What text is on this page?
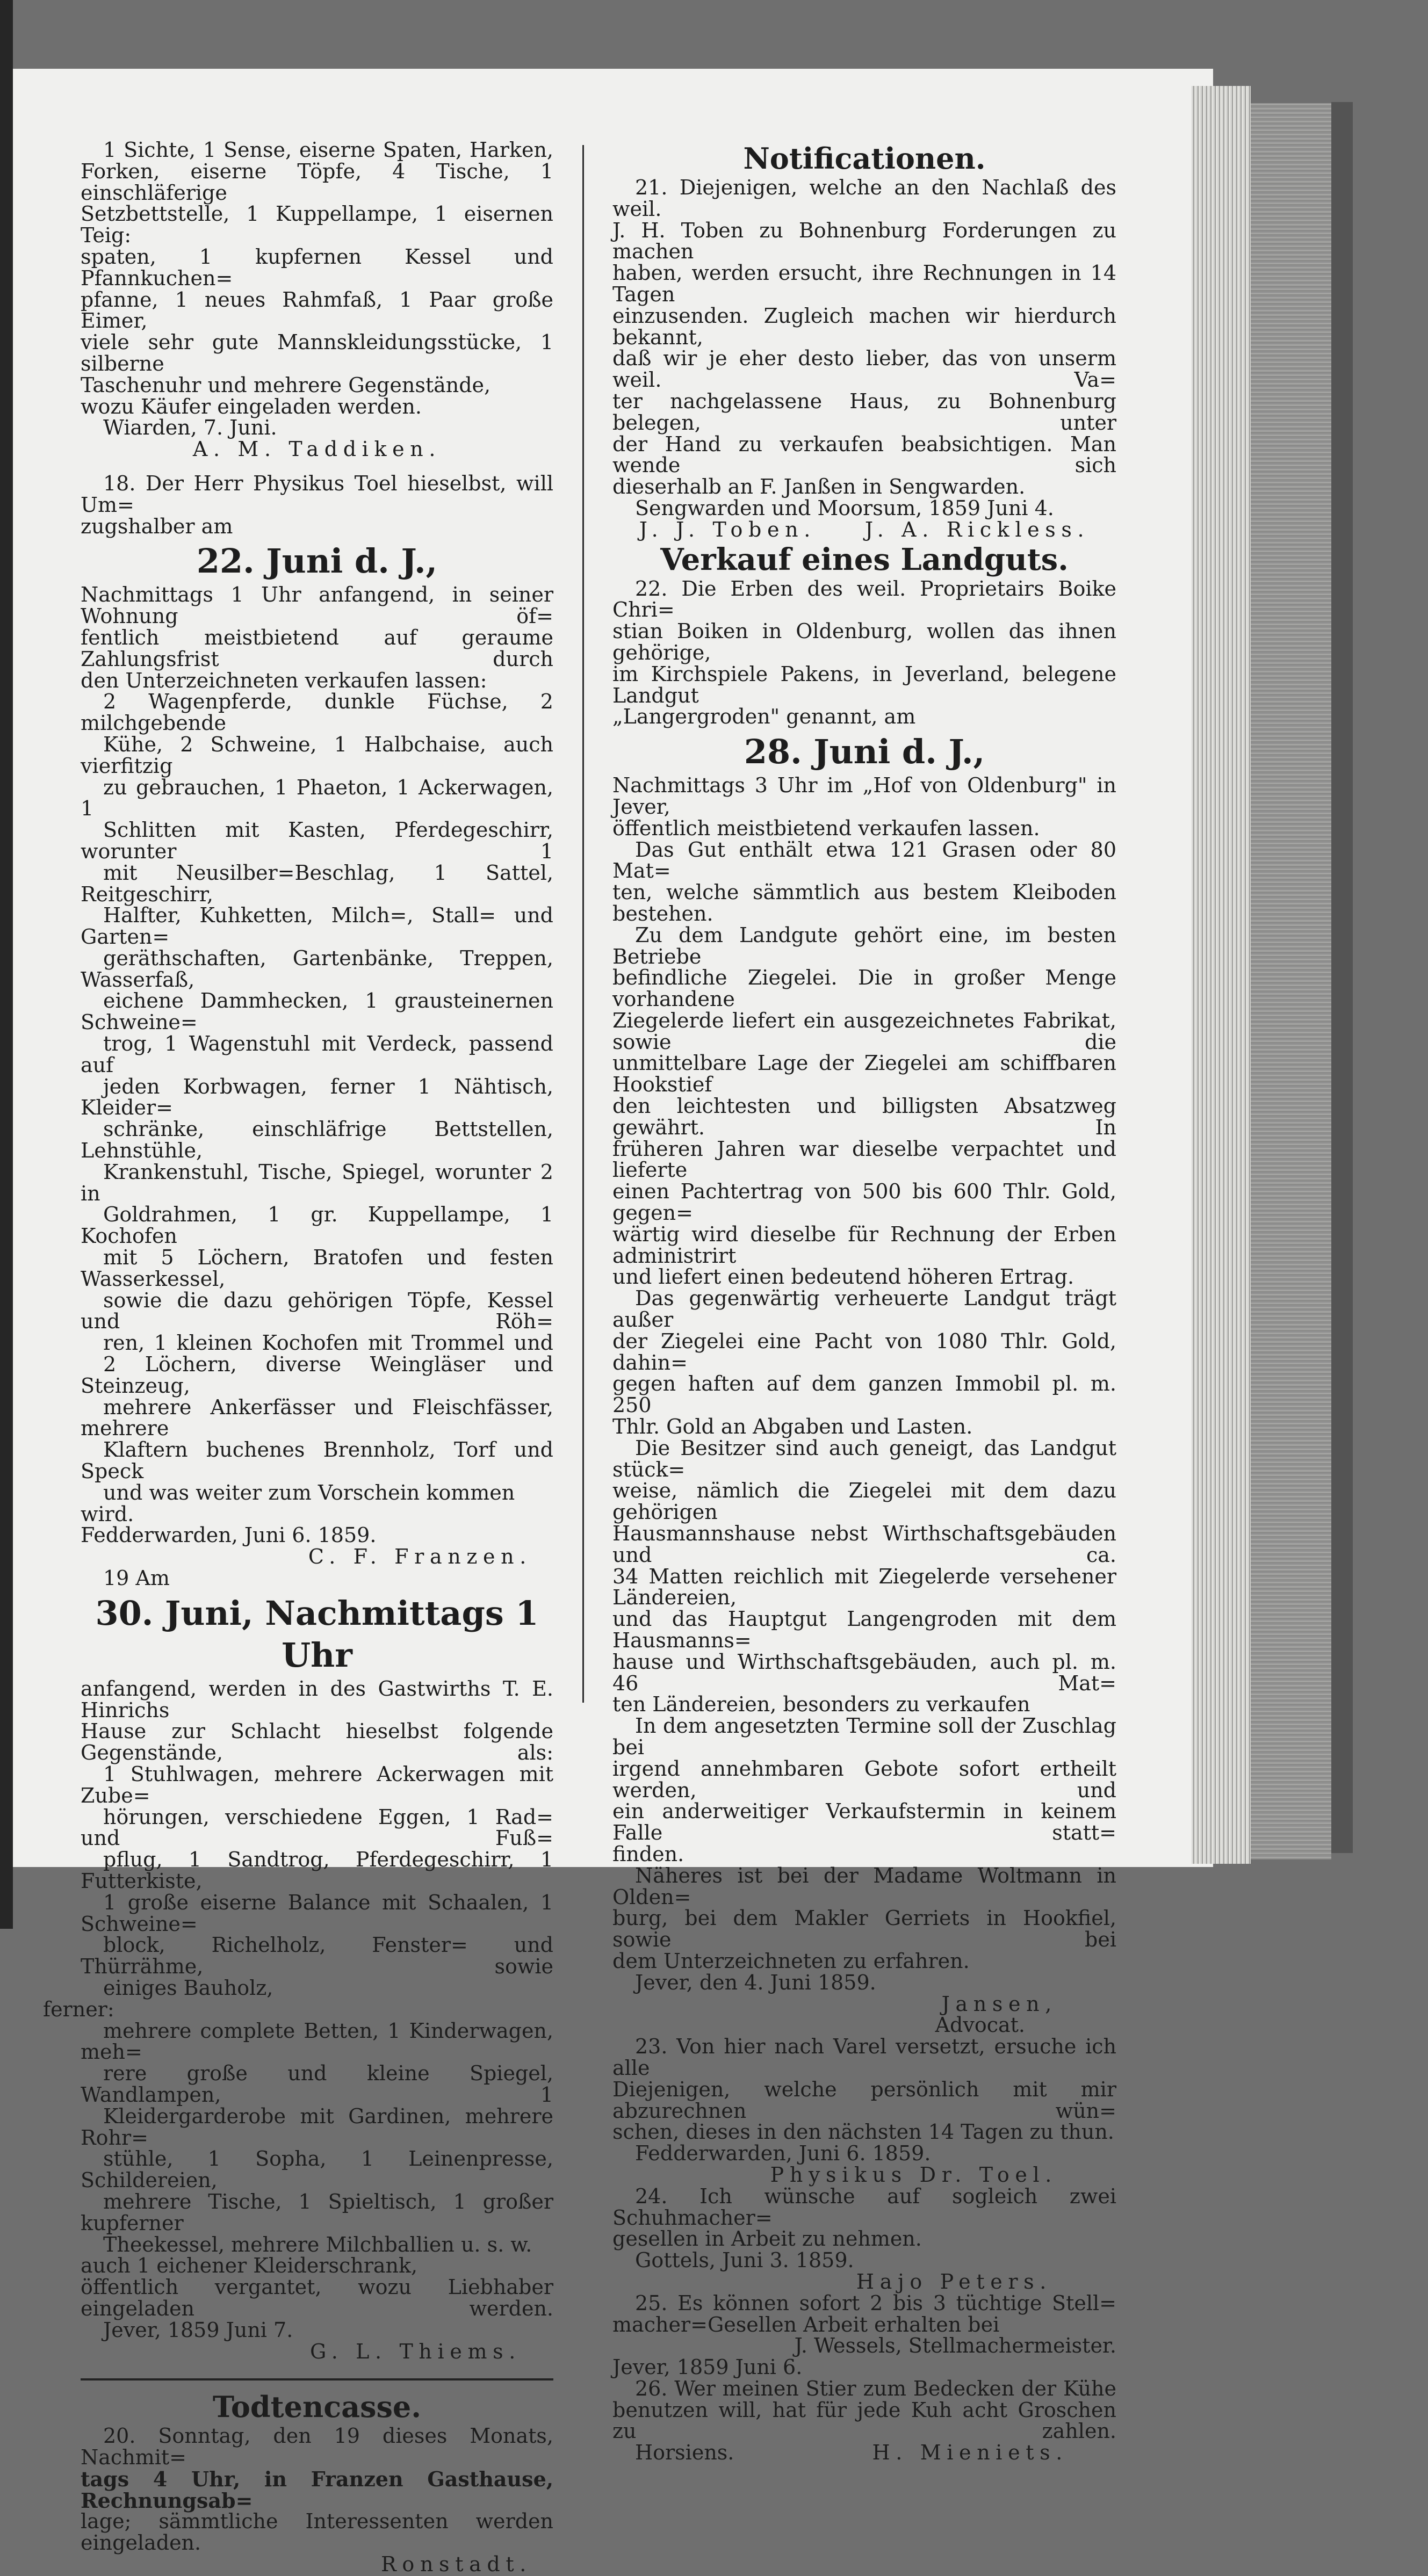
1 Sichte, 1 Sense, eiserne Spaten, Harken,

Forken, eiserne Töpfe, 4 Tische, 1 einschläferige

Setzbettstelle, 1 Kuppellampe, 1 eisernen Teig:

spaten, 1 kupfernen Kessel und Pfannkuchen=

pfanne, 1 neues Rahmfaß, 1 Paar große Eimer,

viele sehr gute Mannskleidungsstücke, 1 silberne

Taschenuhr und mehrere Gegenstände,

wozu Käufer eingeladen werden.

Wiarden, 7. Juni.

A. M. Taddiken.

18. Der Herr Physikus Toel hieselbst, will Um=

zugshalber am

22. Juni d. J.,

Nachmittags 1 Uhr anfangend, in seiner Wohnung öf=

fentlich meistbietend auf geraume Zahlungsfrist durch

den Unterzeichneten verkaufen lassen:

2 Wagenpferde, dunkle Füchse, 2 milchgebende

Kühe, 2 Schweine, 1 Halbchaise, auch vierfitzig

zu gebrauchen, 1 Phaeton, 1 Ackerwagen, 1

Schlitten mit Kasten, Pferdegeschirr, worunter 1

mit Neusilber=Beschlag, 1 Sattel, Reitgeschirr,

Halfter, Kuhketten, Milch=, Stall= und Garten=

geräthschaften, Gartenbänke, Treppen, Wasserfaß,

eichene Dammhecken, 1 grausteinernen Schweine=

trog, 1 Wagenstuhl mit Verdeck, passend auf

jeden Korbwagen, ferner 1 Nähtisch, Kleider=

schränke, einschläfrige Bettstellen, Lehnstühle,

Krankenstuhl, Tische, Spiegel, worunter 2 in

Goldrahmen, 1 gr. Kuppellampe, 1 Kochofen

mit 5 Löchern, Bratofen und festen Wasserkessel,

sowie die dazu gehörigen Töpfe, Kessel und Röh=

ren, 1 kleinen Kochofen mit Trommel und

2 Löchern, diverse Weingläser und Steinzeug,

mehrere Ankerfässer und Fleischfässer, mehrere

Klaftern buchenes Brennholz, Torf und Speck

und was weiter zum Vorschein kommen wird.

Fedderwarden, Juni 6. 1859.

C. F. Franzen.

19 Am

30. Juni, Nachmittags 1 Uhr

anfangend, werden in des Gastwirths T. E. Hinrichs

Hause zur Schlacht hieselbst folgende Gegenstände, als:

1 Stuhlwagen, mehrere Ackerwagen mit Zube=

hörungen, verschiedene Eggen, 1 Rad= und Fuß=

pflug, 1 Sandtrog, Pferdegeschirr, 1 Futterkiste,

1 große eiserne Balance mit Schaalen, 1 Schweine=

block, Richelholz, Fenster= und Thürrähme, sowie

einiges Bauholz,

ferner:

mehrere complete Betten, 1 Kinderwagen, meh=

rere große und kleine Spiegel, Wandlampen, 1

Kleidergarderobe mit Gardinen, mehrere Rohr=

stühle, 1 Sopha, 1 Leinenpresse, Schildereien,

mehrere Tische, 1 Spieltisch, 1 großer kupferner

Theekessel, mehrere Milchballien u. s. w.

auch 1 eichener Kleiderschrank,

öffentlich vergantet, wozu Liebhaber eingeladen werden.

Jever, 1859 Juni 7.

G. L. Thiems.

Todtencasse.

20. Sonntag, den 19 dieses Monats, Nachmit=

tags 4 Uhr, in Franzen Gasthause, Rechnungsab=

lage; sämmtliche Interessenten werden eingeladen.

Ronstadt.

Notificationen.

21. Diejenigen, welche an den Nachlaß des weil.

J. H. Toben zu Bohnenburg Forderungen zu machen

haben, werden ersucht, ihre Rechnungen in 14 Tagen

einzusenden. Zugleich machen wir hierdurch bekannt,

daß wir je eher desto lieber, das von unserm weil. Va=

ter nachgelassene Haus, zu Bohnenburg belegen, unter

der Hand zu verkaufen beabsichtigen. Man wende sich

dieserhalb an F. Janßen in Sengwarden.

Sengwarden und Moorsum, 1859 Juni 4.

J. J. Toben.    J. A. Rickless.

Verkauf eines Landguts.

22. Die Erben des weil. Proprietairs Boike Chri=

stian Boiken in Oldenburg, wollen das ihnen gehörige,

im Kirchspiele Pakens, in Jeverland, belegene Landgut

„Langergroden" genannt, am

28. Juni d. J.,

Nachmittags 3 Uhr im „Hof von Oldenburg" in Jever,

öffentlich meistbietend verkaufen lassen.

Das Gut enthält etwa 121 Grasen oder 80 Mat=

ten, welche sämmtlich aus bestem Kleiboden bestehen.

Zu dem Landgute gehört eine, im besten Betriebe

befindliche Ziegelei. Die in großer Menge vorhandene

Ziegelerde liefert ein ausgezeichnetes Fabrikat, sowie die

unmittelbare Lage der Ziegelei am schiffbaren Hookstief

den leichtesten und billigsten Absatzweg gewährt. In

früheren Jahren war dieselbe verpachtet und lieferte

einen Pachtertrag von 500 bis 600 Thlr. Gold, gegen=

wärtig wird dieselbe für Rechnung der Erben administrirt

und liefert einen bedeutend höheren Ertrag.

Das gegenwärtig verheuerte Landgut trägt außer

der Ziegelei eine Pacht von 1080 Thlr. Gold, dahin=

gegen haften auf dem ganzen Immobil pl. m. 250

Thlr. Gold an Abgaben und Lasten.

Die Besitzer sind auch geneigt, das Landgut stück=

weise, nämlich die Ziegelei mit dem dazu gehörigen

Hausmannshause nebst Wirthschaftsgebäuden und ca.

34 Matten reichlich mit Ziegelerde versehener Ländereien,

und das Hauptgut Langengroden mit dem Hausmanns=

hause und Wirthschaftsgebäuden, auch pl. m. 46 Mat=

ten Ländereien, besonders zu verkaufen

In dem angesetzten Termine soll der Zuschlag bei

irgend annehmbaren Gebote sofort ertheilt werden, und

ein anderweitiger Verkaufstermin in keinem Falle statt=

finden.

Näheres ist bei der Madame Woltmann in Olden=

burg, bei dem Makler Gerriets in Hookfiel, sowie bei

dem Unterzeichneten zu erfahren.

Jever, den 4. Juni 1859.

Jansen,

Advocat.

23. Von hier nach Varel versetzt, ersuche ich alle

Diejenigen, welche persönlich mit mir abzurechnen wün=

schen, dieses in den nächsten 14 Tagen zu thun.

Fedderwarden, Juni 6. 1859.

Physikus Dr. Toel.

24. Ich wünsche auf sogleich zwei Schuhmacher=

gesellen in Arbeit zu nehmen.

Gottels, Juni 3. 1859.

Hajo Peters.

25. Es können sofort 2 bis 3 tüchtige Stell=

macher=Gesellen Arbeit erhalten bei

J. Wessels, Stellmachermeister.

Jever, 1859 Juni 6.

26. Wer meinen Stier zum Bedecken der Kühe

benutzen will, hat für jede Kuh acht Groschen zu zahlen.

Horsiens.	H. Mieniets.
